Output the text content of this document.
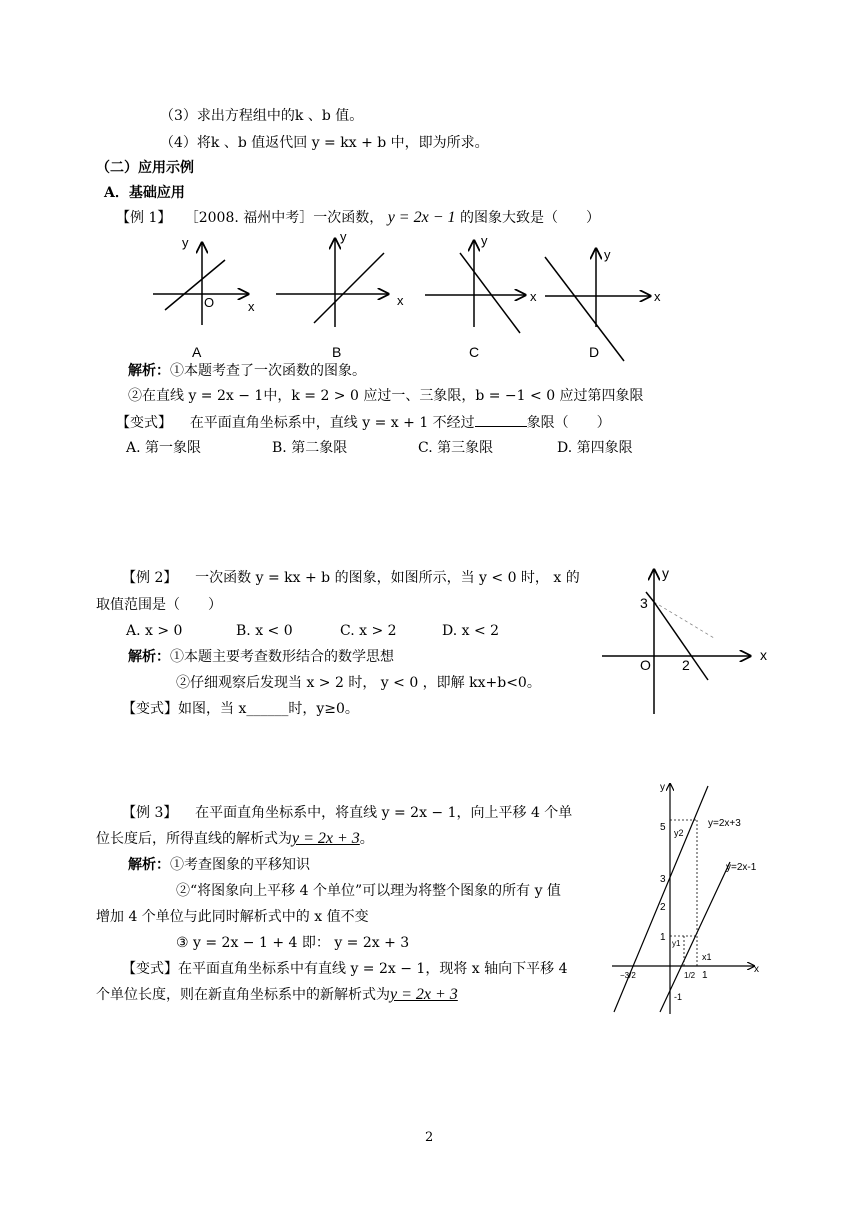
（3）求出方程组中的k 、b 值。
（4）将k 、b 值返代回 y = kx + b 中，即为所求。
（二）应用示例
A．基础应用
【例 1】 ［2008. 福州中考］一次函数， y = 2x − 1 的图象大致是（　　）
y
x
O
A
y
x
B
y
x
C
y
x
D
解析：①本题考查了一次函数的图象。
②在直线 y = 2x − 1中，k = 2 > 0 应过一、三象限，b = −1 < 0 应过第四象限
【变式】 在平面直角坐标系中，直线 y = x + 1 不经过	象限（　　）
A. 第一象限	B. 第二象限	C. 第三象限	D. 第四象限
【例 2】 一次函数 y = kx + b 的图象，如图所示，当 y < 0 时， x 的
取值范围是（　　）
A. x > 0	B. x < 0	C. x > 2	D. x < 2
解析：①本题主要考查数形结合的数学思想
②仔细观察后发现当 x > 2 时， y < 0 ，即解 kx+b<0。
【变式】如图，当 x______时，y≥0。
y
x
O
3
2
【例 3】 在平面直角坐标系中，将直线 y = 2x − 1，向上平移 4 个单
位长度后，所得直线的解析式为y = 2x + 3。
解析：①考查图象的平移知识
②“将图象向上平移 4 个单位”可以理为将整个图象的所有 y 值
增加 4 个单位与此同时解析式中的 x 值不变
③ y = 2x − 1 + 4 即： y = 2x + 3
【变式】在平面直角坐标系中有直线 y = 2x − 1，现将 x 轴向下平移 4
个单位长度，则在新直角坐标系中的新解析式为y = 2x + 3
y
x
y=2x+3
y=2x-1
5
3
2
1
1
-1
y2
y1
x1
−3/2	1/2
2
